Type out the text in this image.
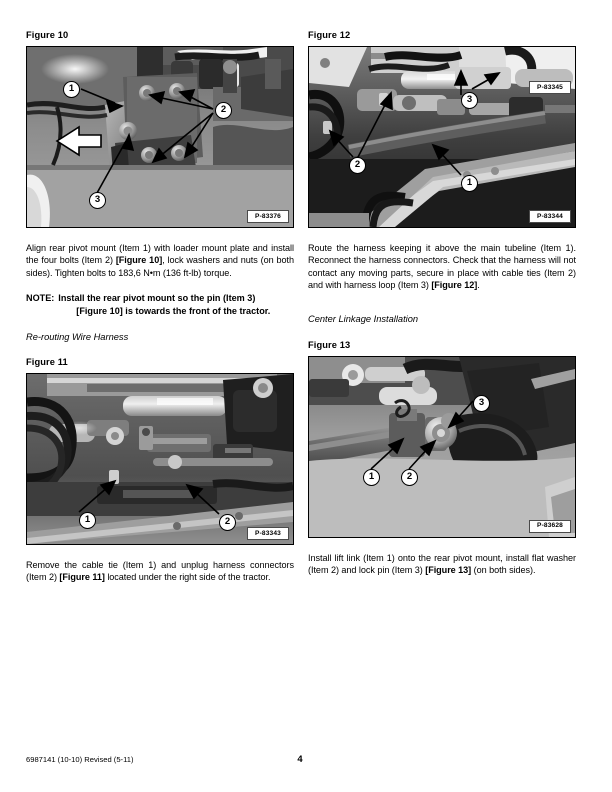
Figure 10
1
2
3
P-83376

Align rear pivot mount (Item 1) with loader mount plate and install the four bolts (Item 2) [Figure 10], lock washers and nuts (on both sides). Tighten bolts to 183,6 N•m (136 ft-lb) torque.

NOTE: Install the rear pivot mount so the pin (Item 3)
[Figure 10] is towards the front of the tractor.
Re-routing Wire Harness
Figure 11
1	2
P-83343

Remove the cable tie (Item 1) and unplug harness connectors (Item 2) [Figure 11] located under the right side of the tractor.

Figure 12
3
2
1
P-83345
P-83344

Route the harness keeping it above the main tubeline (Item 1). Reconnect the harness connectors. Check that the harness will not contact any moving parts, secure in place with cable ties (Item 2) and with harness loop (Item 3) [Figure 12].

Center Linkage Installation
Figure 13
3
1	2
P-83628

Install lift link (Item 1) onto the rear pivot mount, install flat washer (Item 2) and lock pin (Item 3) [Figure 13] (on both sides).

6987141 (10-10) Revised (5-11)	4
